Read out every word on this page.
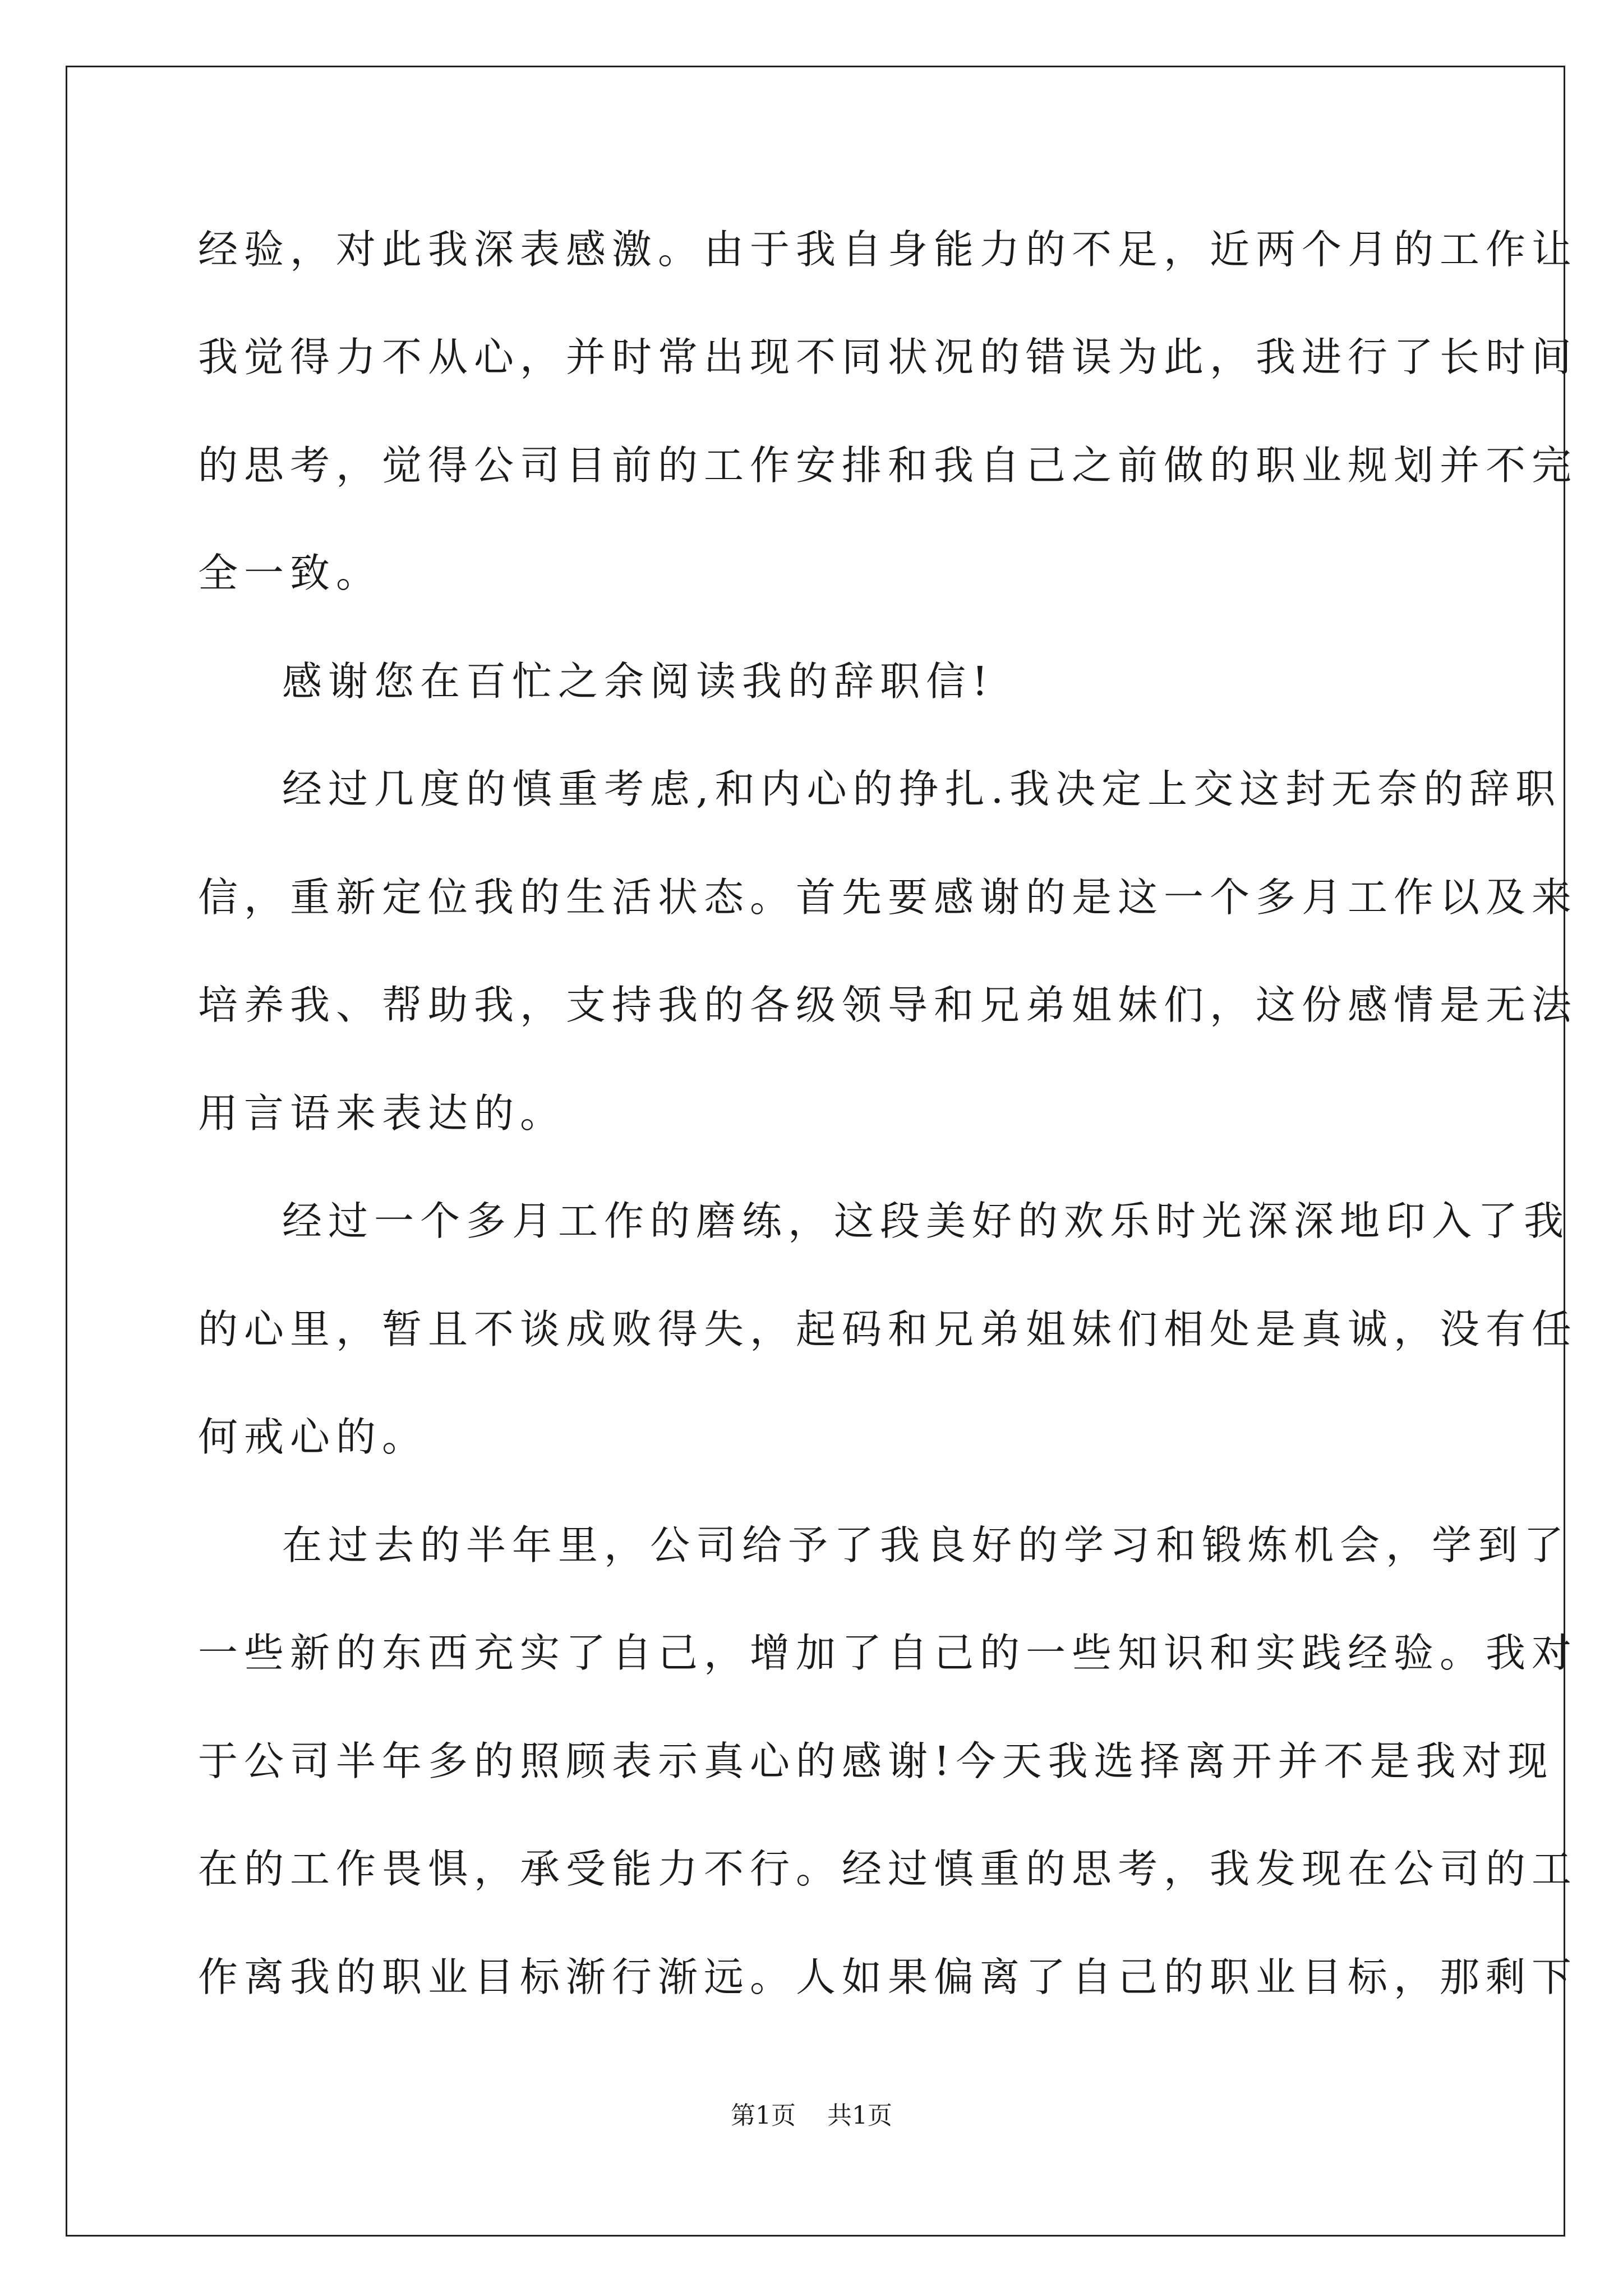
经验，对此我深表感激。由于我自身能力的不足，近两个月的工作让
我觉得力不从心，并时常出现不同状况的错误为此，我进行了长时间
的思考，觉得公司目前的工作安排和我自己之前做的职业规划并不完
全一致。
感谢您在百忙之余阅读我的辞职信!
经过几度的慎重考虑,和内心的挣扎.我决定上交这封无奈的辞职
信，重新定位我的生活状态。首先要感谢的是这一个多月工作以及来
培养我、帮助我，支持我的各级领导和兄弟姐妹们，这份感情是无法
用言语来表达的。
经过一个多月工作的磨练，这段美好的欢乐时光深深地印入了我
的心里，暂且不谈成败得失，起码和兄弟姐妹们相处是真诚，没有任
何戒心的。
在过去的半年里，公司给予了我良好的学习和锻炼机会，学到了
一些新的东西充实了自己，增加了自己的一些知识和实践经验。我对
于公司半年多的照顾表示真心的感谢!今天我选择离开并不是我对现
在的工作畏惧，承受能力不行。经过慎重的思考，我发现在公司的工
作离我的职业目标渐行渐远。人如果偏离了自己的职业目标，那剩下
第1页 共1页
